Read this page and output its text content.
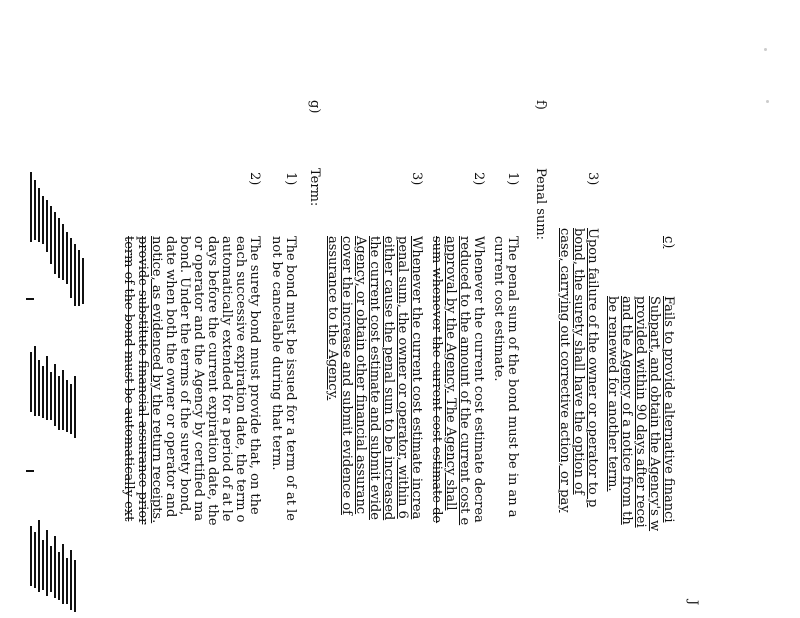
J
3)
Upon failure of the owner or operator to p
bond, the surety shall have the option of
case, carrying out corrective action, or pay	c)
Fails to provide alternative financi
Subpart, and obtain the Agency's w
provided within 90 days after recei
and the Agency of a notice from th
be renewed for another term.
f)
Penal sum:
1)
The penal sum of the bond must be in an a
current cost estimate.
2)
Whenever the current cost estimate decrea
reduced to the amount of the current cost e
approval by the Agency. The Agency shall
sum whenever the current cost estimate de
3)
Whenever the current cost estimate increa
penal sum, the owner or operator, within 6
either cause the penal sum to be increased
the current cost estimate and submit evide
Agency, or obtain other financial assuranc
cover the increase and submit evidence of
assurance to the Agency.
g)
Term:
1)
The bond must be issued for a term of at le
not be cancelable during that term.
2)
The surety bond must provide that, on the
each successive expiration date, the term o
automatically extended for a period of at le
days before the current expiration date, the
or operator and the Agency by certified ma
bond. Under the terms of the surety bond,
date when both the owner or operator and
notice, as evidenced by the return receipts.
provide substitute financial assurance prior
term of the bond must be automatically ext
